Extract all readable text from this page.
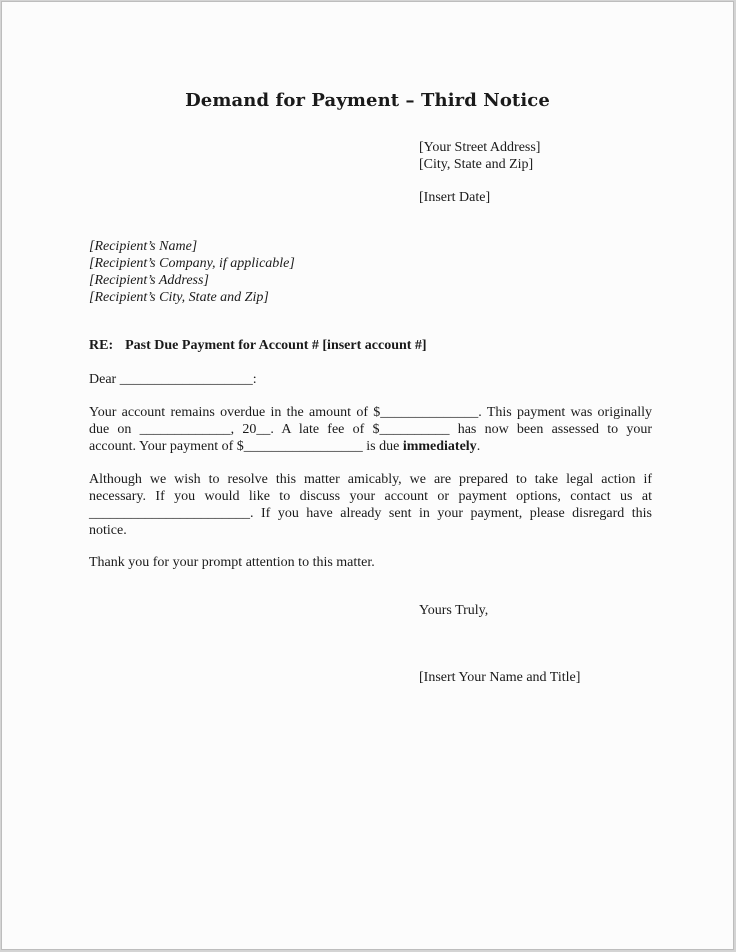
Demand for Payment – Third Notice
[Your Street Address]
[City, State and Zip]
[Insert Date]
[Recipient’s Name]
[Recipient’s Company, if applicable]
[Recipient’s Address]
[Recipient’s City, State and Zip]
RE: Past Due Payment for Account # [insert account #]
Dear ___________________:
Your account remains overdue in the amount of $______________. This payment was originally
due on _____________, 20__. A late fee of $__________ has now been assessed to your
account. Your payment of $_________________ is due immediately.
Although we wish to resolve this matter amicably, we are prepared to take legal action if
necessary. If you would like to discuss your account or payment options, contact us at
_______________________. If you have already sent in your payment, please disregard this
notice.
Thank you for your prompt attention to this matter.
Yours Truly,
[Insert Your Name and Title]
